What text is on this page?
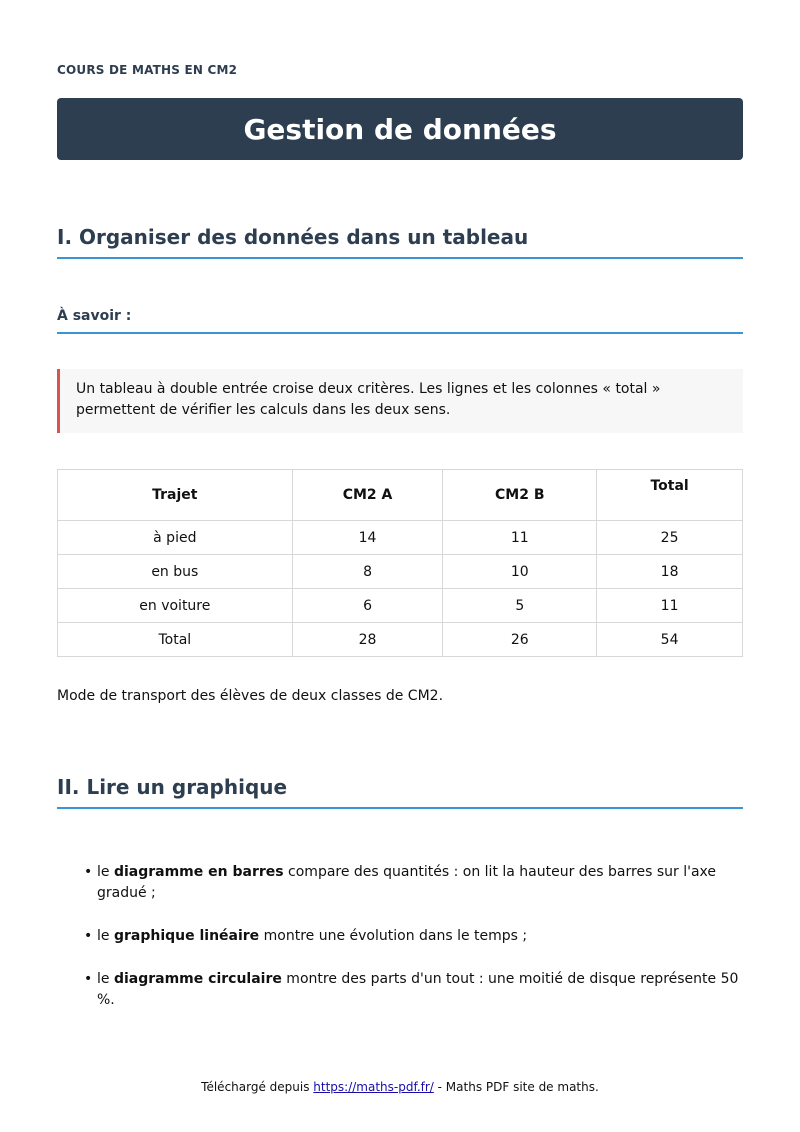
COURS DE MATHS EN CM2
Gestion de données
I. Organiser des données dans un tableau
À savoir :
Un tableau à double entrée croise deux critères. Les lignes et les colonnes « total » permettent de vérifier les calculs dans les deux sens.
Trajet	CM2 A	CM2 B	Total
à pied	14	11	25
en bus	8	10	18
en voiture	6	5	11
Total	28	26	54
Mode de transport des élèves de deux classes de CM2.
II. Lire un graphique
• le diagramme en barres compare des quantités : on lit la hauteur des barres sur l'axe gradué ;
• le graphique linéaire montre une évolution dans le temps ;
• le diagramme circulaire montre des parts d'un tout : une moitié de disque représente 50 %.
Téléchargé depuis https://maths-pdf.fr/ - Maths PDF site de maths.
